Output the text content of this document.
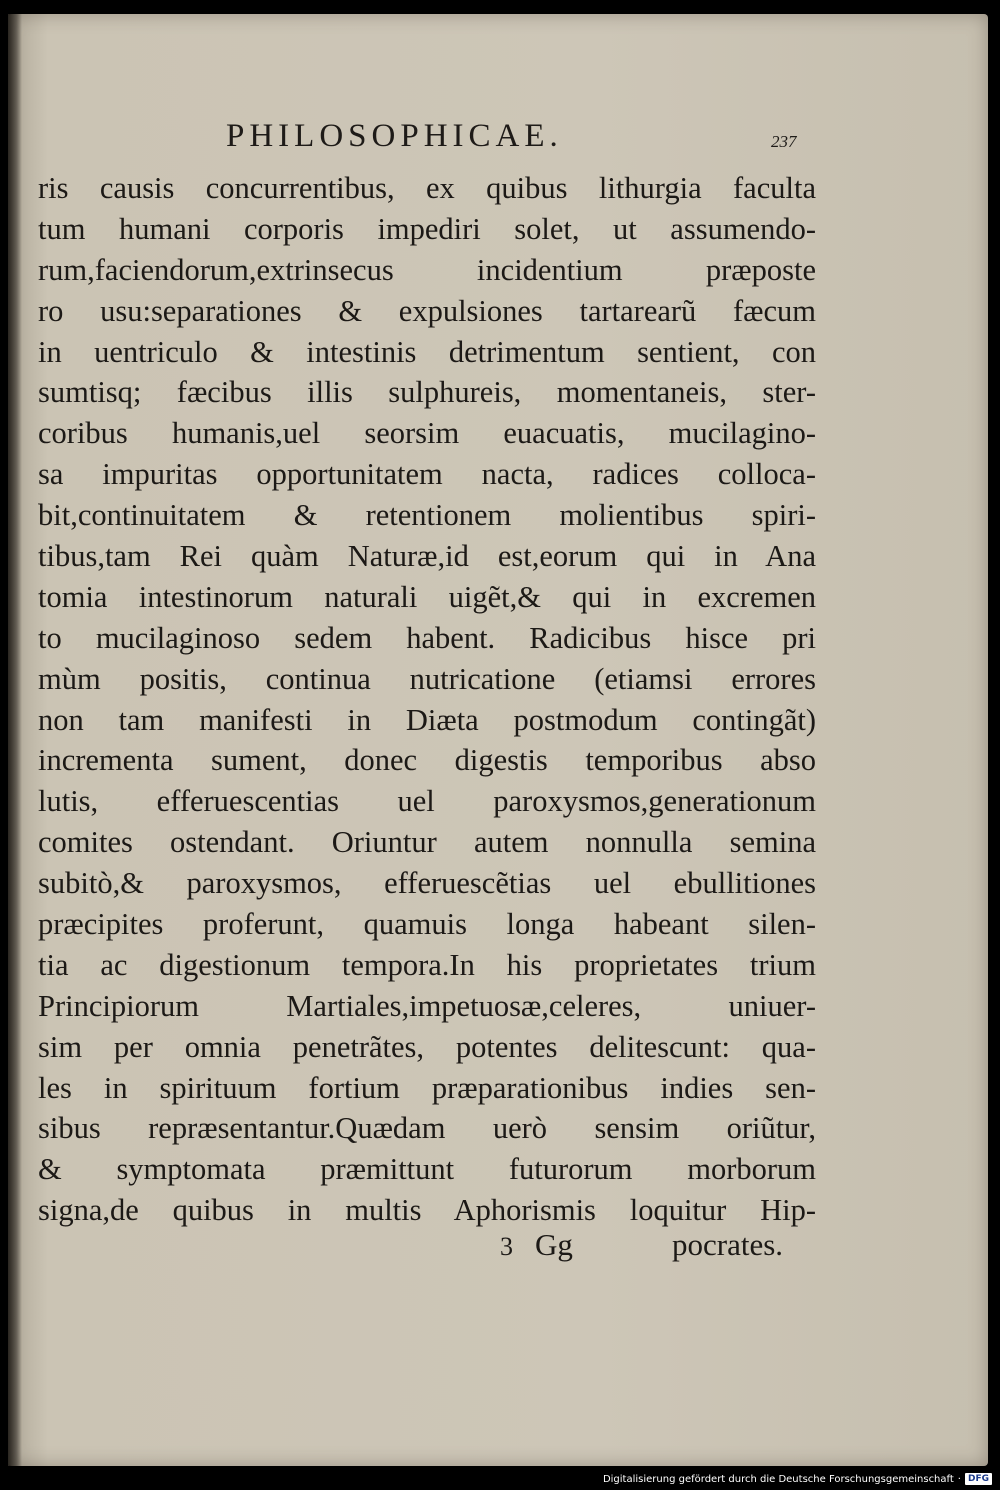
PHILOSOPHICAE.	237
ris causis concurrentibus, ex quibus lithurgia faculta
tum humani corporis impediri solet, ut assumendo-
rum,faciendorum,extrinsecus incidentium præposte
ro usu:separationes & expulsiones tartarearũ fæcum
in uentriculo & intestinis detrimentum sentient, con
sumtisq; fæcibus illis sulphureis, momentaneis, ster-
coribus humanis,uel seorsim euacuatis, mucilagino-
sa impuritas opportunitatem nacta, radices colloca-
bit,continuitatem & retentionem molientibus spiri-
tibus,tam Rei quàm Naturæ,id est,eorum qui in Ana
tomia intestinorum naturali uigẽt,& qui in excremen
to mucilaginoso sedem habent. Radicibus hisce pri
mùm positis, continua nutricatione (etiamsi errores
non tam manifesti in Diæta postmodum contingãt)
incrementa sument, donec digestis temporibus abso
lutis, efferuescentias uel paroxysmos,generationum
comites ostendant. Oriuntur autem nonnulla semina
subitò,& paroxysmos, efferuescẽtias uel ebullitiones
præcipites proferunt, quamuis longa habeant silen-
tia ac digestionum tempora.In his proprietates trium
Principiorum Martiales,impetuosæ,celeres, uniuer-
sim per omnia penetrãtes, potentes delitescunt: qua-
les in spirituum fortium præparationibus indies sen-
sibus repræsentantur.Quædam uerò sensim oriũtur,
& symptomata præmittunt futurorum morborum
signa,de quibus in multis Aphorismis loquitur Hip-
3 Gg	pocrates.
Digitalisierung gefördert durch die Deutsche Forschungsgemeinschaft · DFG
